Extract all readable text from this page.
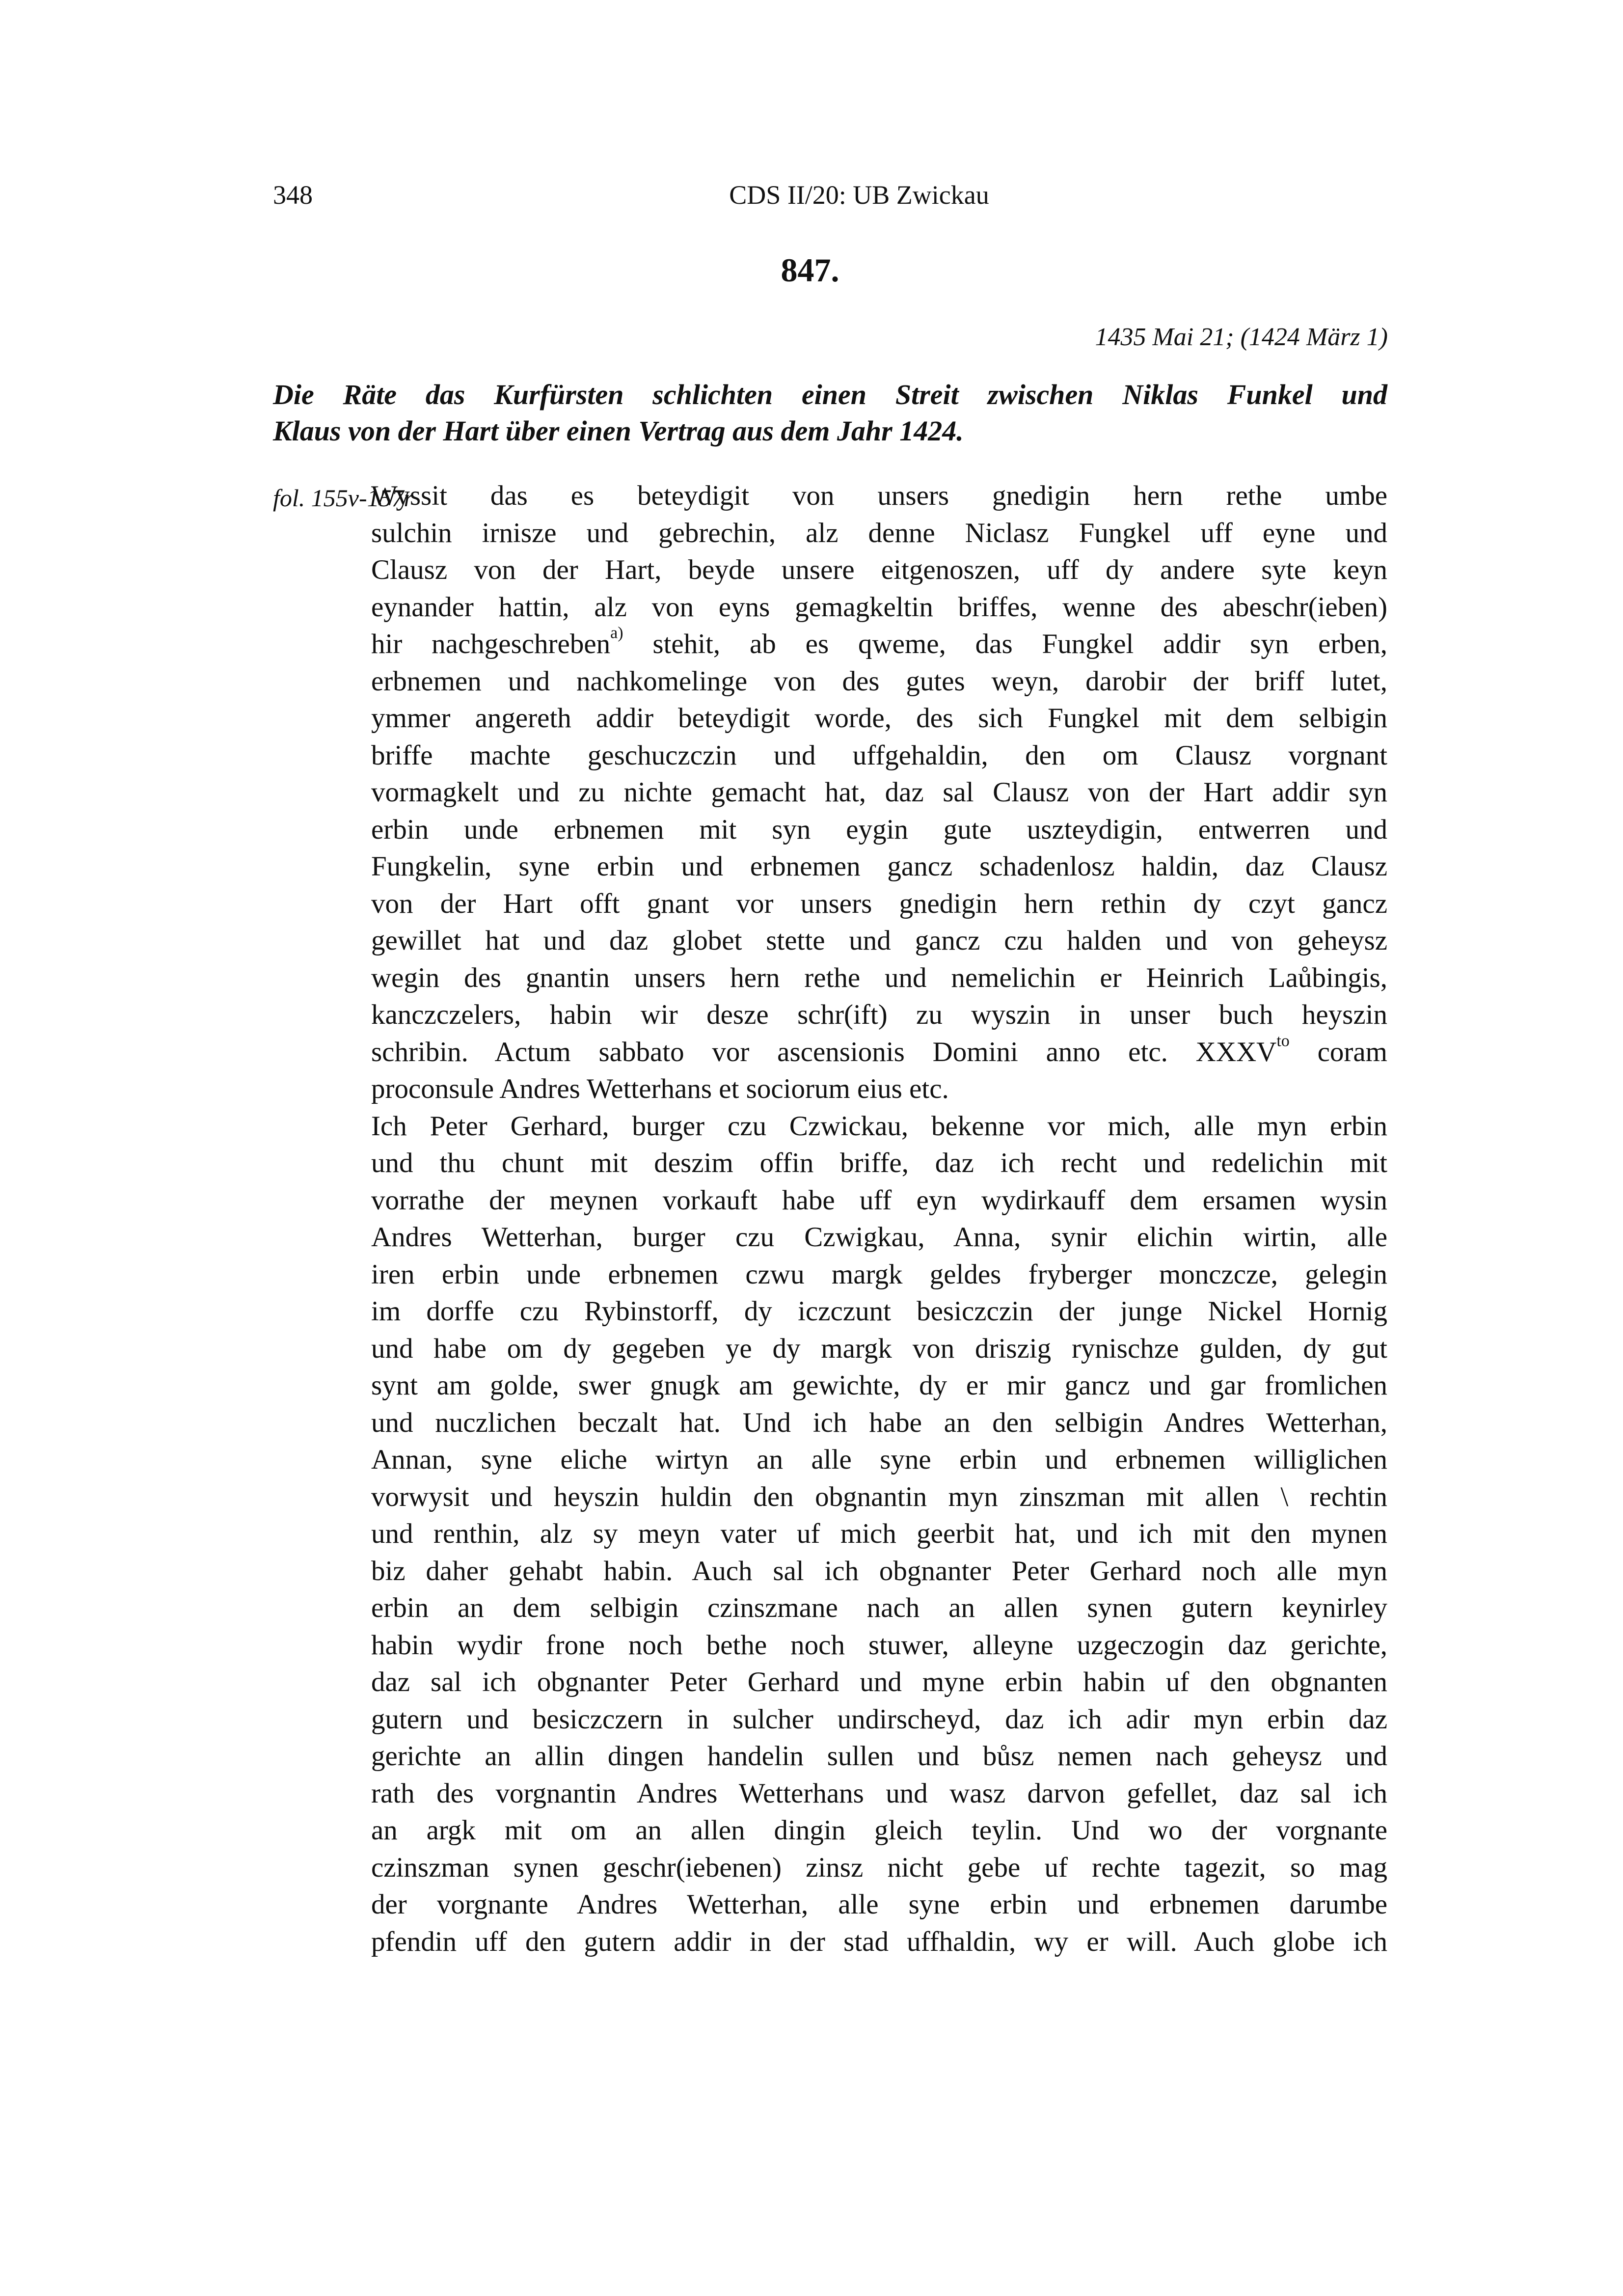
348	CDS II/20: UB Zwickau
847.
1435 Mai 21; (1424 März 1)
Die Räte das Kurfürsten schlichten einen Streit zwischen Niklas Funkel und
Klaus von der Hart über einen Vertrag aus dem Jahr 1424.
fol. 155v-157r
Wyssit das es beteydigit von unsers gnedigin hern rethe umbe
sulchin irnisze und gebrechin, alz denne Niclasz Fungkel uff eyne und
Clausz von der Hart, beyde unsere eitgenoszen, uff dy andere syte keyn
eynander hattin, alz von eyns gemagkeltin briffes, wenne des abeschr(ieben)
hir nachgeschreben$^{a)}$ stehit, ab es qweme, das Fungkel addir syn erben,
erbnemen und nachkomelinge von des gutes weyn, darobir der briff lutet,
ymmer angereth addir beteydigit worde, des sich Fungkel mit dem selbigin
briffe machte geschuczczin und uffgehaldin, den om Clausz vorgnant
vormagkelt und zu nichte gemacht hat, daz sal Clausz von der Hart addir syn
erbin unde erbnemen mit syn eygin gute uszteydigin, entwerren und
Fungkelin, syne erbin und erbnemen gancz schadenlosz haldin, daz Clausz
von der Hart offt gnant vor unsers gnedigin hern rethin dy czyt gancz
gewillet hat und daz globet stette und gancz czu halden und von geheysz
wegin des gnantin unsers hern rethe und nemelichin er Heinrich Laůbingis,
kanczczelers, habin wir desze schr(ift) zu wyszin in unser buch heyszin
schribin. Actum sabbato vor ascensionis Domini anno etc. $XXXV^{to}$ coram
proconsule Andres Wetterhans et sociorum eius etc.
Ich Peter Gerhard, burger czu Czwickau, bekenne vor mich, alle myn erbin
und thu chunt mit deszim offin briffe, daz ich recht und redelichin mit
vorrathe der meynen vorkauft habe uff eyn wydirkauff dem ersamen wysin
Andres Wetterhan, burger czu Czwigkau, Anna, synir elichin wirtin, alle
iren erbin unde erbnemen czwu margk geldes fryberger monczcze, gelegin
im dorffe czu Rybinstorff, dy iczczunt besiczczin der junge Nickel Hornig
und habe om dy gegeben ye dy margk von driszig rynischze gulden, dy gut
synt am golde, swer gnugk am gewichte, dy er mir gancz und gar fromlichen
und nuczlichen beczalt hat. Und ich habe an den selbigin Andres Wetterhan,
Annan, syne eliche wirtyn an alle syne erbin und erbnemen williglichen
vorwysit und heyszin huldin den obgnantin myn zinszman mit allen \ rechtin
und renthin, alz sy meyn vater uf mich geerbit hat, und ich mit den mynen
biz daher gehabt habin. Auch sal ich obgnanter Peter Gerhard noch alle myn
erbin an dem selbigin czinszmane nach an allen synen gutern keynirley
habin wydir frone noch bethe noch stuwer, alleyne uzgeczogin daz gerichte,
daz sal ich obgnanter Peter Gerhard und myne erbin habin uf den obgnanten
gutern und besiczczern in sulcher undirscheyd, daz ich adir myn erbin daz
gerichte an allin dingen handelin sullen und bůsz nemen nach geheysz und
rath des vorgnantin Andres Wetterhans und wasz darvon gefellet, daz sal ich
an argk mit om an allen dingin gleich teylin. Und wo der vorgnante
czinszman synen geschr(iebenen) zinsz nicht gebe uf rechte tagezit, so mag
der vorgnante Andres Wetterhan, alle syne erbin und erbnemen darumbe
pfendin uff den gutern addir in der stad uffhaldin, wy er will. Auch globe ich
